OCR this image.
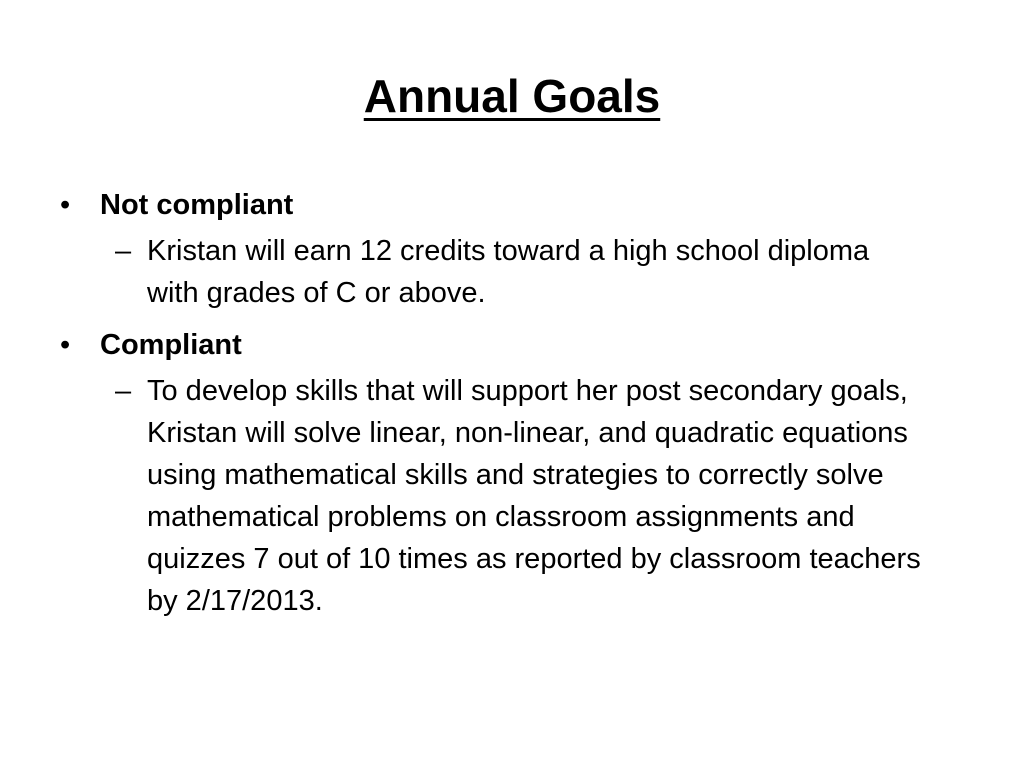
Annual Goals
• Not compliant
– Kristan will earn 12 credits toward a high school diploma with grades of C or above.
• Compliant
– To develop skills that will support her post secondary goals, Kristan will solve linear, non-linear, and quadratic equations using mathematical skills and strategies to correctly solve mathematical problems on classroom assignments and quizzes 7 out of 10 times as reported by classroom teachers by 2/17/2013.
